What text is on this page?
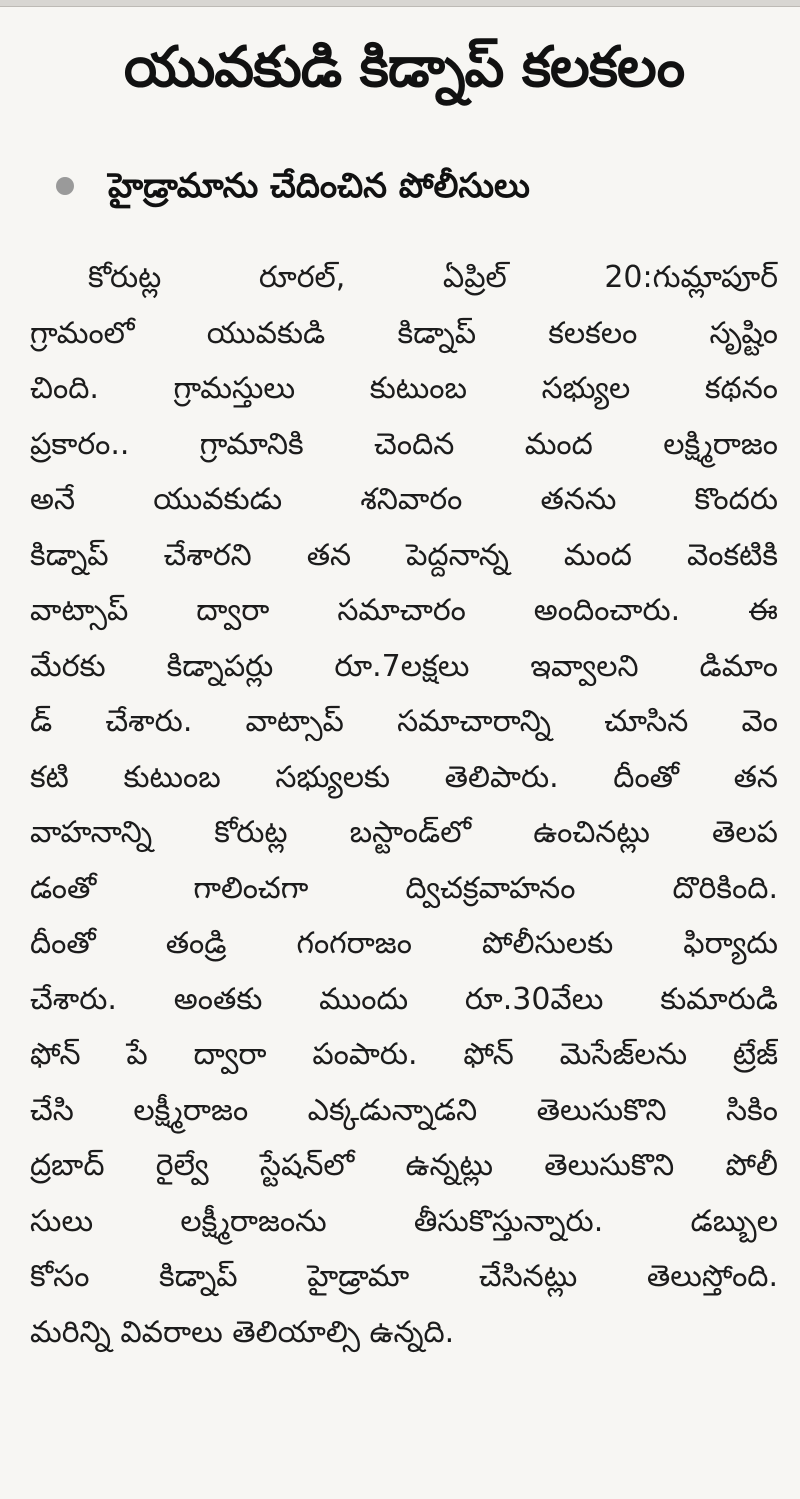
యువకుడి కిడ్నాప్ కలకలం
హైడ్రామాను చేదించిన పోలీసులు
కోరుట్ల రూరల్, ఏప్రిల్ 20:గుమ్లాపూర్
గ్రామంలో యువకుడి కిడ్నాప్ కలకలం సృష్టిం
చింది. గ్రామస్తులు కుటుంబ సభ్యుల కథనం
ప్రకారం.. గ్రామానికి చెందిన మంద లక్ష్మిరాజం
అనే యువకుడు శనివారం తనను కొందరు
కిడ్నాప్ చేశారని తన పెద్దనాన్న మంద వెంకటికి
వాట్సాప్ ద్వారా సమాచారం అందించారు. ఈ
మేరకు కిడ్నాపర్లు రూ.7లక్షలు ఇవ్వాలని డిమాం
డ్ చేశారు. వాట్సాప్ సమాచారాన్ని చూసిన వెం
కటి కుటుంబ సభ్యులకు తెలిపారు. దీంతో తన
వాహనాన్ని కోరుట్ల బస్టాండ్‌లో ఉంచినట్లు తెలప
డంతో గాలించగా ద్విచక్రవాహనం దొరికింది.
దీంతో తండ్రి గంగరాజం పోలీసులకు ఫిర్యాదు
చేశారు. అంతకు ముందు రూ.30వేలు కుమారుడి
ఫోన్ పే ద్వారా పంపారు. ఫోన్ మెసేజ్‌లను ట్రేజ్
చేసి లక్ష్మీరాజం ఎక్కడున్నాడని తెలుసుకొని సికిం
ద్రబాద్ రైల్వే స్టేషన్‌లో ఉన్నట్లు తెలుసుకొని పోలీ
సులు లక్ష్మీరాజంను తీసుకొస్తున్నారు. డబ్బుల
కోసం కిడ్నాప్ హైడ్రామా చేసినట్లు తెలుస్తోంది.
మరిన్ని వివరాలు తెలియాల్సి ఉన్నది.
